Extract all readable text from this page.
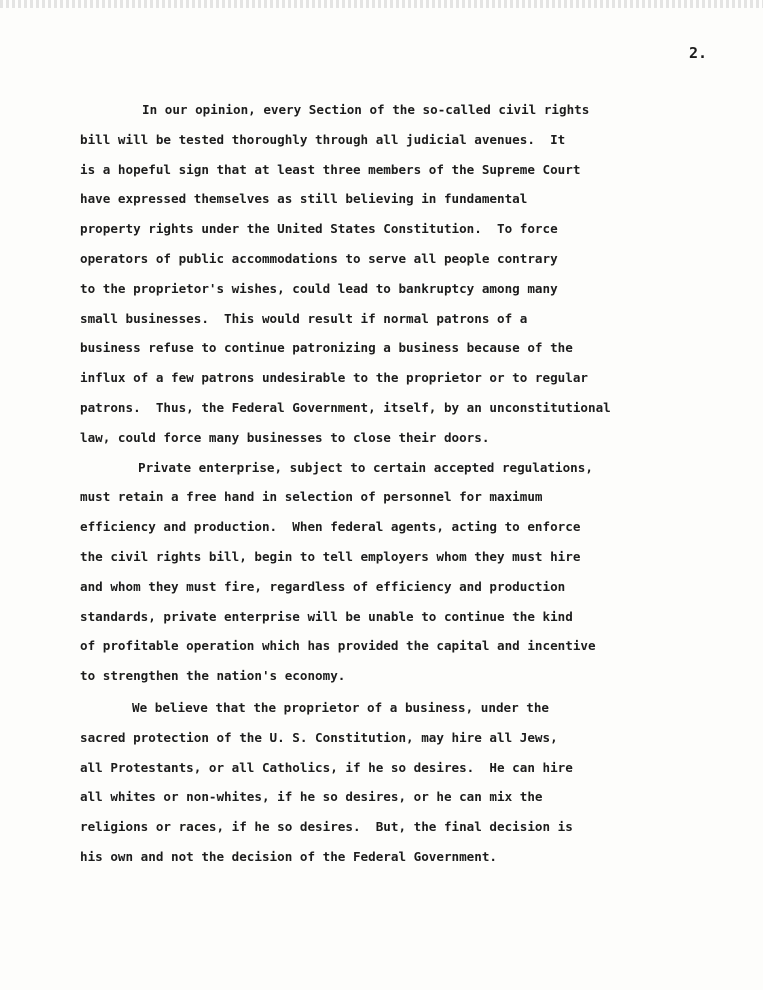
2.

In our opinion, every Section of the so-called civil rights
bill will be tested thoroughly through all judicial avenues.  It
is a hopeful sign that at least three members of the Supreme Court
have expressed themselves as still believing in fundamental
property rights under the United States Constitution.  To force
operators of public accommodations to serve all people contrary
to the proprietor's wishes, could lead to bankruptcy among many
small businesses.  This would result if normal patrons of a
business refuse to continue patronizing a business because of the
influx of a few patrons undesirable to the proprietor or to regular
patrons.  Thus, the Federal Government, itself, by an unconstitutional
law, could force many businesses to close their doors.

Private enterprise, subject to certain accepted regulations,
must retain a free hand in selection of personnel for maximum
efficiency and production.  When federal agents, acting to enforce
the civil rights bill, begin to tell employers whom they must hire
and whom they must fire, regardless of efficiency and production
standards, private enterprise will be unable to continue the kind
of profitable operation which has provided the capital and incentive
to strengthen the nation's economy.

We believe that the proprietor of a business, under the
sacred protection of the U. S. Constitution, may hire all Jews,
all Protestants, or all Catholics, if he so desires.  He can hire
all whites or non-whites, if he so desires, or he can mix the
religions or races, if he so desires.  But, the final decision is
his own and not the decision of the Federal Government.
